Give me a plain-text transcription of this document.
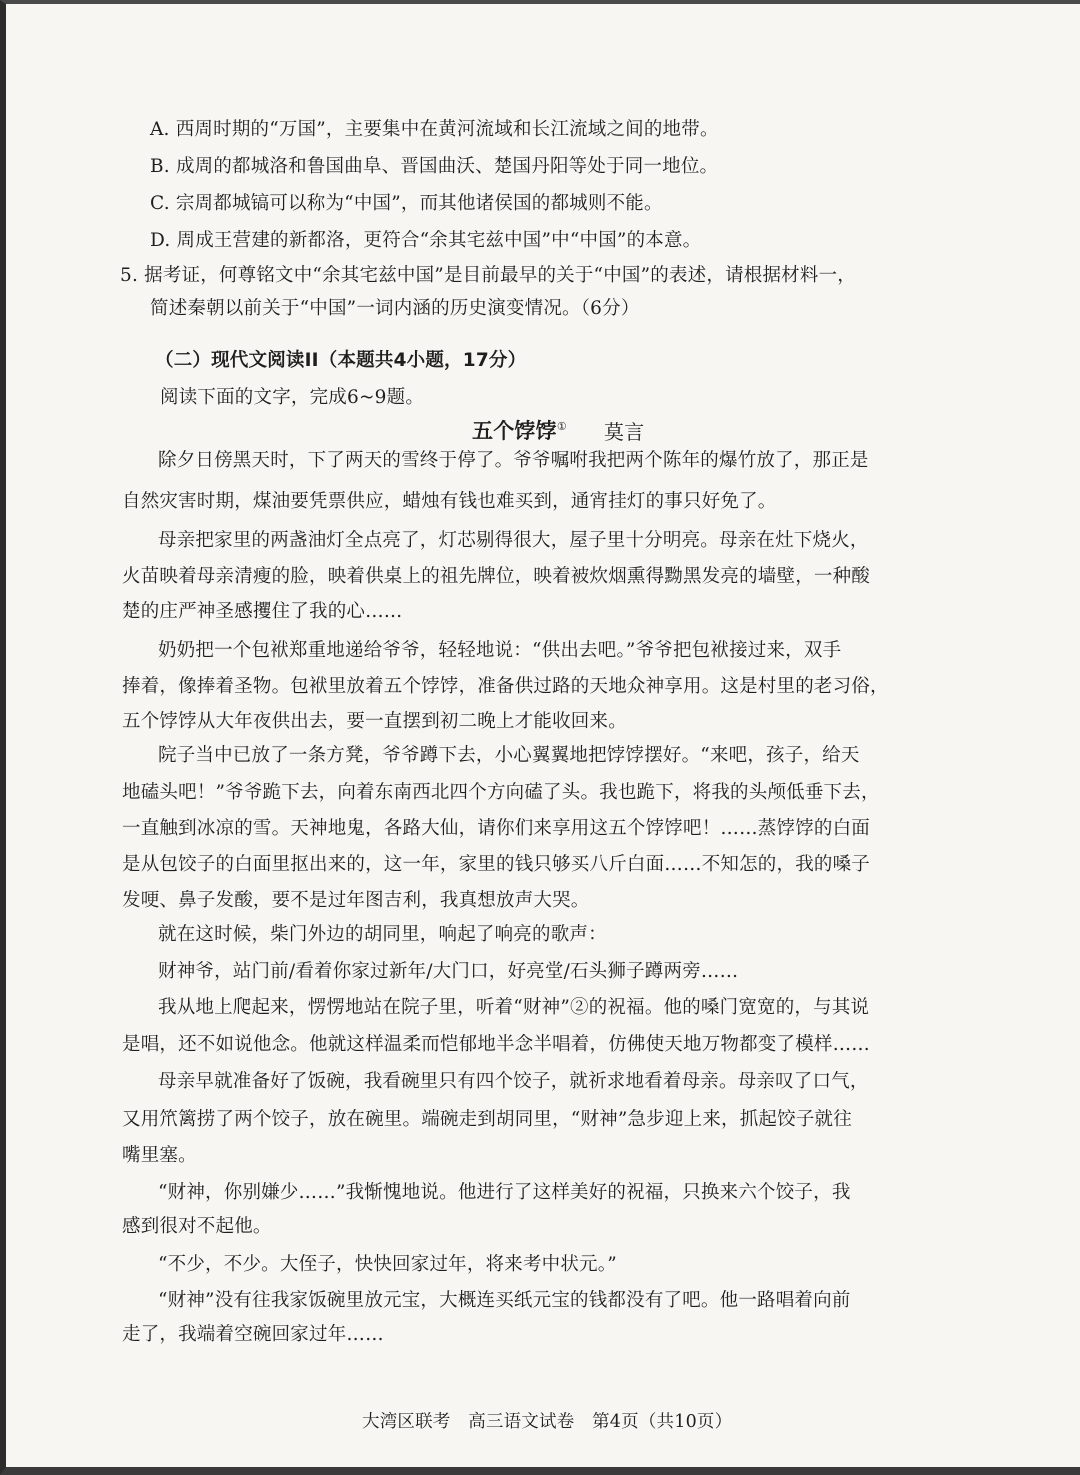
A. 西周时期的“万国”，主要集中在黄河流域和长江流域之间的地带。
B. 成周的都城洛和鲁国曲阜、晋国曲沃、楚国丹阳等处于同一地位。
C. 宗周都城镐可以称为“中国”，而其他诸侯国的都城则不能。
D. 周成王营建的新都洛，更符合“余其宅兹中国”中“中国”的本意。
5. 据考证，何尊铭文中“余其宅兹中国”是目前最早的关于“中国”的表述，请根据材料一，
简述秦朝以前关于“中国”一词内涵的历史演变情况。（6分）
（二）现代文阅读II（本题共4小题，17分）
阅读下面的文字，完成6~9题。
五个饽饽① 莫言
除夕日傍黑天时，下了两天的雪终于停了。爷爷嘱咐我把两个陈年的爆竹放了，那正是
自然灾害时期，煤油要凭票供应，蜡烛有钱也难买到，通宵挂灯的事只好免了。
母亲把家里的两盏油灯全点亮了，灯芯剔得很大，屋子里十分明亮。母亲在灶下烧火，
火苗映着母亲清瘦的脸，映着供桌上的祖先牌位，映着被炊烟熏得黝黑发亮的墙壁，一种酸
楚的庄严神圣感攫住了我的心……
奶奶把一个包袱郑重地递给爷爷，轻轻地说：“供出去吧。”爷爷把包袱接过来，双手
捧着，像捧着圣物。包袱里放着五个饽饽，准备供过路的天地众神享用。这是村里的老习俗，
五个饽饽从大年夜供出去，要一直摆到初二晚上才能收回来。
院子当中已放了一条方凳，爷爷蹲下去，小心翼翼地把饽饽摆好。“来吧，孩子，给天
地磕头吧！”爷爷跪下去，向着东南西北四个方向磕了头。我也跪下，将我的头颅低垂下去，
一直触到冰凉的雪。天神地鬼，各路大仙，请你们来享用这五个饽饽吧！……蒸饽饽的白面
是从包饺子的白面里抠出来的，这一年，家里的钱只够买八斤白面……不知怎的，我的嗓子
发哽、鼻子发酸，要不是过年图吉利，我真想放声大哭。
就在这时候，柴门外边的胡同里，响起了响亮的歌声：
财神爷，站门前/看着你家过新年/大门口，好亮堂/石头狮子蹲两旁……
我从地上爬起来，愣愣地站在院子里，听着“财神”②的祝福。他的嗓门宽宽的，与其说
是唱，还不如说他念。他就这样温柔而恺郁地半念半唱着，仿佛使天地万物都变了模样……
母亲早就准备好了饭碗，我看碗里只有四个饺子，就祈求地看着母亲。母亲叹了口气，
又用笊篱捞了两个饺子，放在碗里。端碗走到胡同里，“财神”急步迎上来，抓起饺子就往
嘴里塞。
“财神，你别嫌少……”我惭愧地说。他进行了这样美好的祝福，只换来六个饺子，我
感到很对不起他。
“不少，不少。大侄子，快快回家过年，将来考中状元。”
“财神”没有往我家饭碗里放元宝，大概连买纸元宝的钱都没有了吧。他一路唱着向前
走了，我端着空碗回家过年……
大湾区联考　高三语文试卷　第4页（共10页）
